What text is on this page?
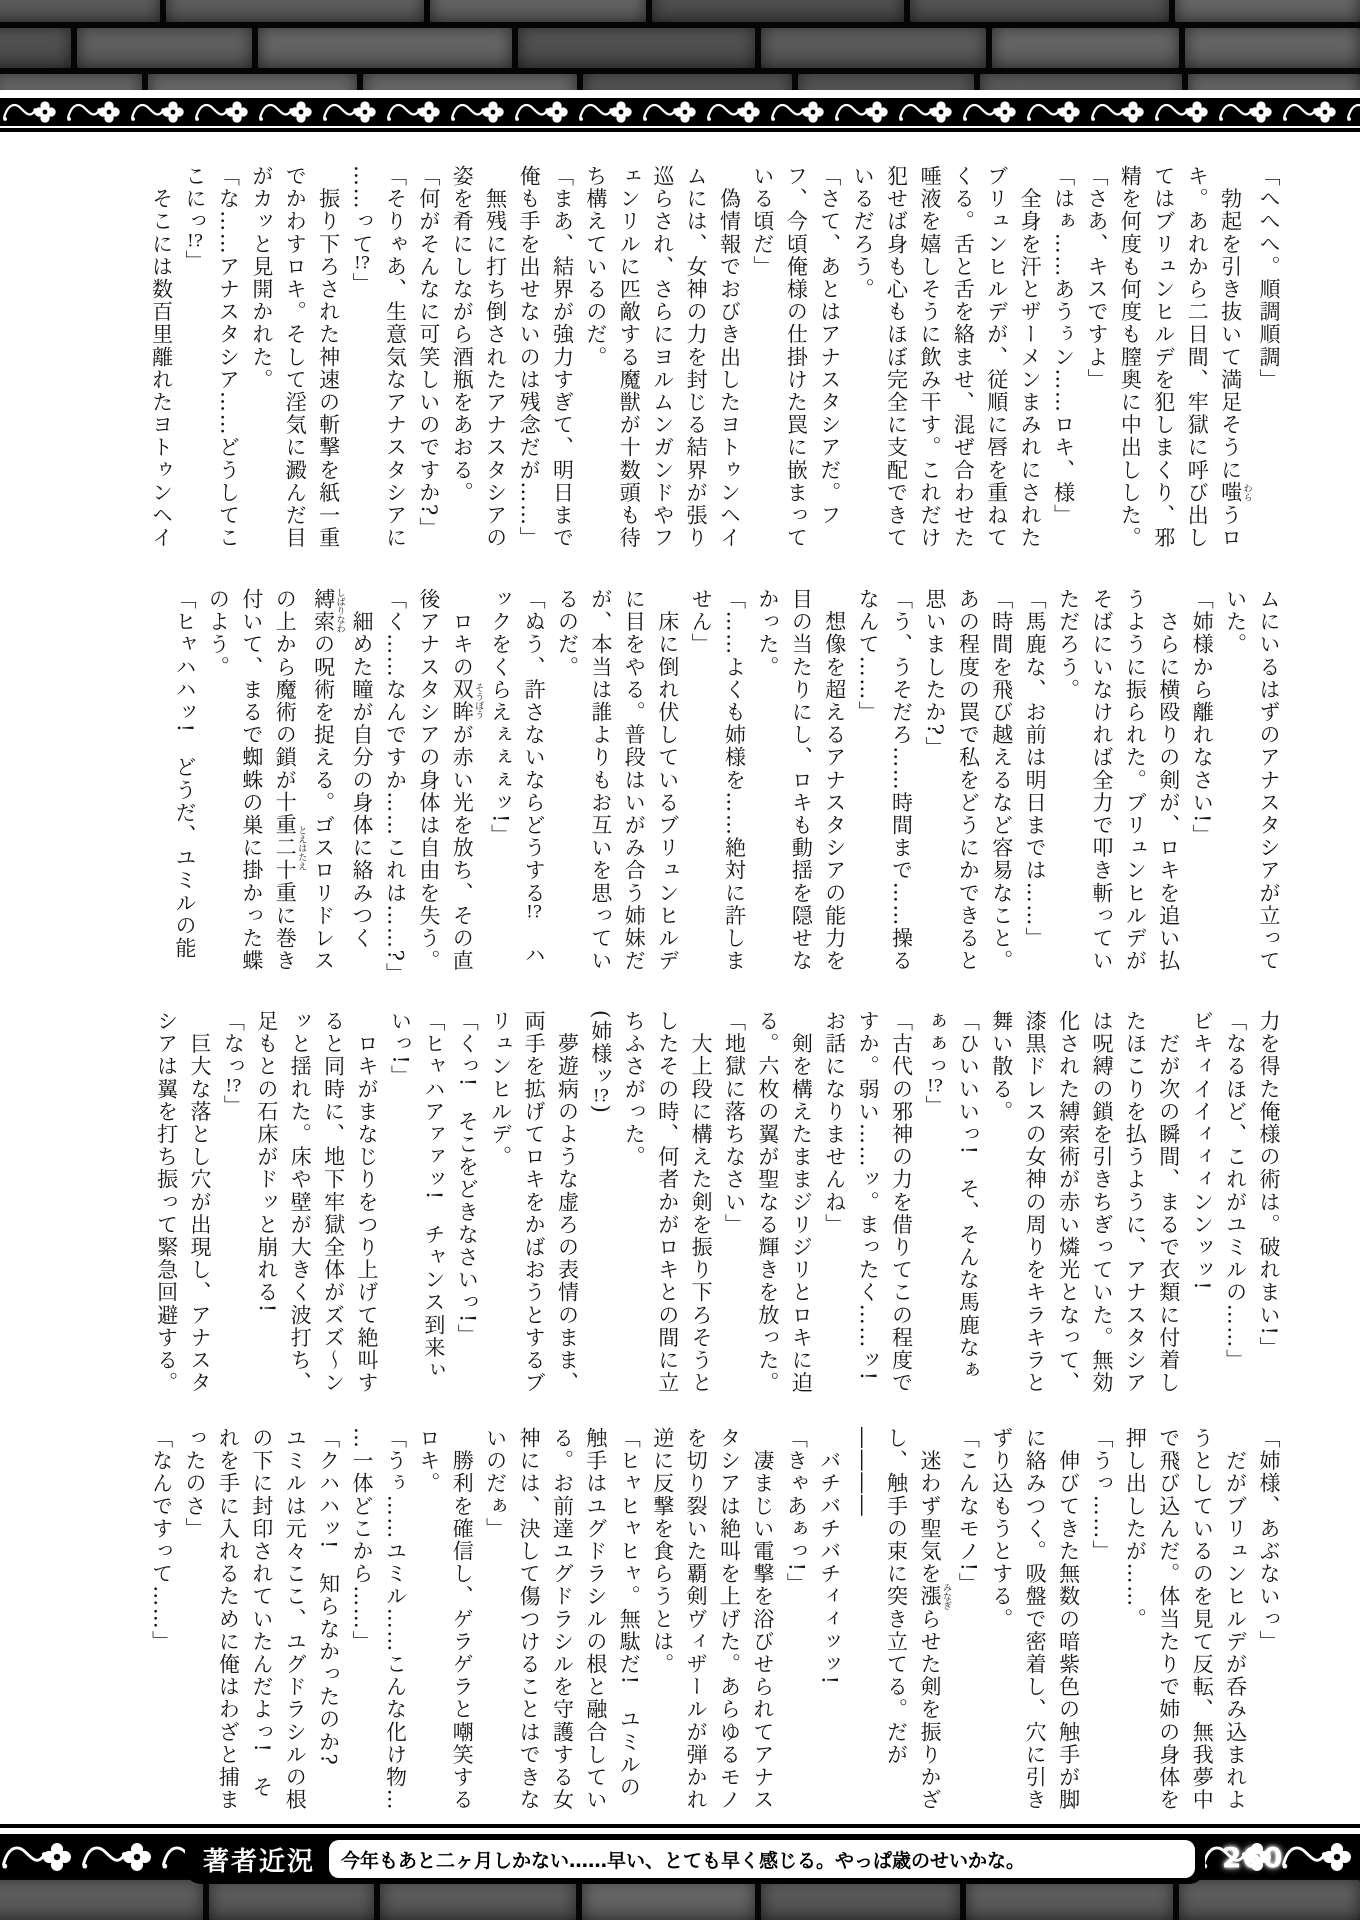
「へへへ。順調順調」

　勃起を引き抜いて満足そうに嗤 わらうロ

キ。あれから二日間、牢獄に呼び出し

てはブリュンヒルデを犯しまくり、邪

精を何度も何度も膣奥に中出しした。

「さあ、キスですよ」

「はぁ……あうぅン……ロキ、様」

　全身を汗とザーメンまみれにされた

ブリュンヒルデが、従順に唇を重ねて

くる。舌と舌を絡ませ、混ぜ合わせた

唾液を嬉しそうに飲み干す。これだけ

犯せば身も心もほぼ完全に支配できて

いるだろう。

「さて、あとはアナスタシアだ。フ

フ、今頃俺様の仕掛けた罠に嵌まって

いる頃だ」

　偽情報でおびき出したヨトゥンヘイ

ムには、女神の力を封じる結界が張り

巡らされ、さらにヨルムンガンドやフ

ェンリルに匹敵する魔獣が十数頭も待

ち構えているのだ。

「まあ、結界が強力すぎて、明日まで

俺も手を出せないのは残念だが……」

　無残に打ち倒されたアナスタシアの

姿を肴にしながら酒瓶をあおる。

「何がそんなに可笑しいのですか?」

「そりゃあ、生意気なアナスタシアに

……って!?」

　振り下ろされた神速の斬撃を紙一重

でかわすロキ。そして淫気に澱んだ目

がカッと見開かれた。

「な……アナスタシア……どうしてこ

こにっ!?」

　そこには数百里離れたヨトゥンヘイ

ムにいるはずのアナスタシアが立って

いた。

「姉様から離れなさい!」

　さらに横殴りの剣が、ロキを追い払

うように振られた。ブリュンヒルデが

そばにいなければ全力で叩き斬ってい

ただろう。

「馬鹿な、お前は明日までは……」

「時間を飛び越えるなど容易なこと。

あの程度の罠で私をどうにかできると

思いましたか?」

「う、うそだろ……時間まで……操る

なんて……」

　想像を超えるアナスタシアの能力を

目の当たりにし、ロキも動揺を隠せな

かった。

「……よくも姉様を……絶対に許しま

せん」

　床に倒れ伏しているブリュンヒルデ

に目をやる。普段はいがみ合う姉妹だ

が、本当は誰よりもお互いを思ってい

るのだ。

「ぬう、許さないならどうする!?　ハ

ックをくらえぇぇぇッ!」

　ロキの双眸 そうぼうが赤い光を放ち、その直

後アナスタシアの身体は自由を失う。

「く……なんですか……これは……?」

　細めた瞳が自分の身体に絡みつく

縛索 しばりなわの呪術を捉える。ゴスロリドレス

の上から魔術の鎖が十重二十重 とえはたえに巻き

付いて、まるで蜘蛛の巣に掛かった蝶

のよう。

「ヒャハハッ!　どうだ、ユミルの能

力を得た俺様の術は。破れまい!」

「なるほど、これがユミルの……」

ビキィイイィィィンンッッ!

　だが次の瞬間、まるで衣類に付着し

たほこりを払うように、アナスタシア

は呪縛の鎖を引きちぎっていた。無効

化された縛索術が赤い燐光となって、

漆黒ドレスの女神の周りをキラキラと

舞い散る。

「ひいいいっ!　そ、そんな馬鹿なぁ

ぁぁっ!?」

「古代の邪神の力を借りてこの程度で

すか。弱い……ッ。まったく……ッ!

お話になりませんね」

　剣を構えたままジリジリとロキに迫

る。六枚の翼が聖なる輝きを放った。

「地獄に落ちなさい」

　大上段に構えた剣を振り下ろそうと

したその時、何者かがロキとの間に立

ちふさがった。

(姉様ッ!?)

　夢遊病のような虚ろの表情のまま、

両手を拡げてロキをかばおうとするブ

リュンヒルデ。

「くっ!　そこをどきなさいっ!」

「ヒャハアァァッ!　チャンス到来ぃ

いっ!」

　ロキがまなじりをつり上げて絶叫す

ると同時に、地下牢獄全体がズズ〜ン

ッと揺れた。床や壁が大きく波打ち、

足もとの石床がドッと崩れる!

「なっ!?」

　巨大な落とし穴が出現し、アナスタ

シアは翼を打ち振って緊急回避する。

「姉様、あぶないっ」

　だがブリュンヒルデが呑み込まれよ

うとしているのを見て反転、無我夢中

で飛び込んだ。体当たりで姉の身体を

押し出したが……。

「うっ……」

　伸びてきた無数の暗紫色の触手が脚

に絡みつく。吸盤で密着し、穴に引き

ずり込もうとする。

「こんなモノ!」

　迷わず聖気を漲 みなぎらせた剣を振りかざ

し、触手の束に突き立てる。だが

――――

　バチバチバチィィッッ!

「きゃあぁっ!」

　凄まじい電撃を浴びせられてアナス

タシアは絶叫を上げた。あらゆるモノ

を切り裂いた覇剣ヴィザールが弾かれ

逆に反撃を食らうとは。

「ヒャヒャヒャ。無駄だ!　ユミルの

触手はユグドラシルの根と融合してい

る。お前達ユグドラシルを守護する女

神には、決して傷つけることはできな

いのだぁ」

　勝利を確信し、ゲラゲラと嘲笑する

ロキ。

「うぅ……ユミル……こんな化け物…

…一体どこから……」

「クハハッ!　知らなかったのか?

ユミルは元々ここ、ユグドラシルの根

の下に封印されていたんだよっ!　そ

れを手に入れるために俺はわざと捕ま

ったのさ」

「なんですって……」

260
著者近況	今年もあと二ヶ月しかない……早い、とても早く感じる。やっぱ歳のせいかな。
